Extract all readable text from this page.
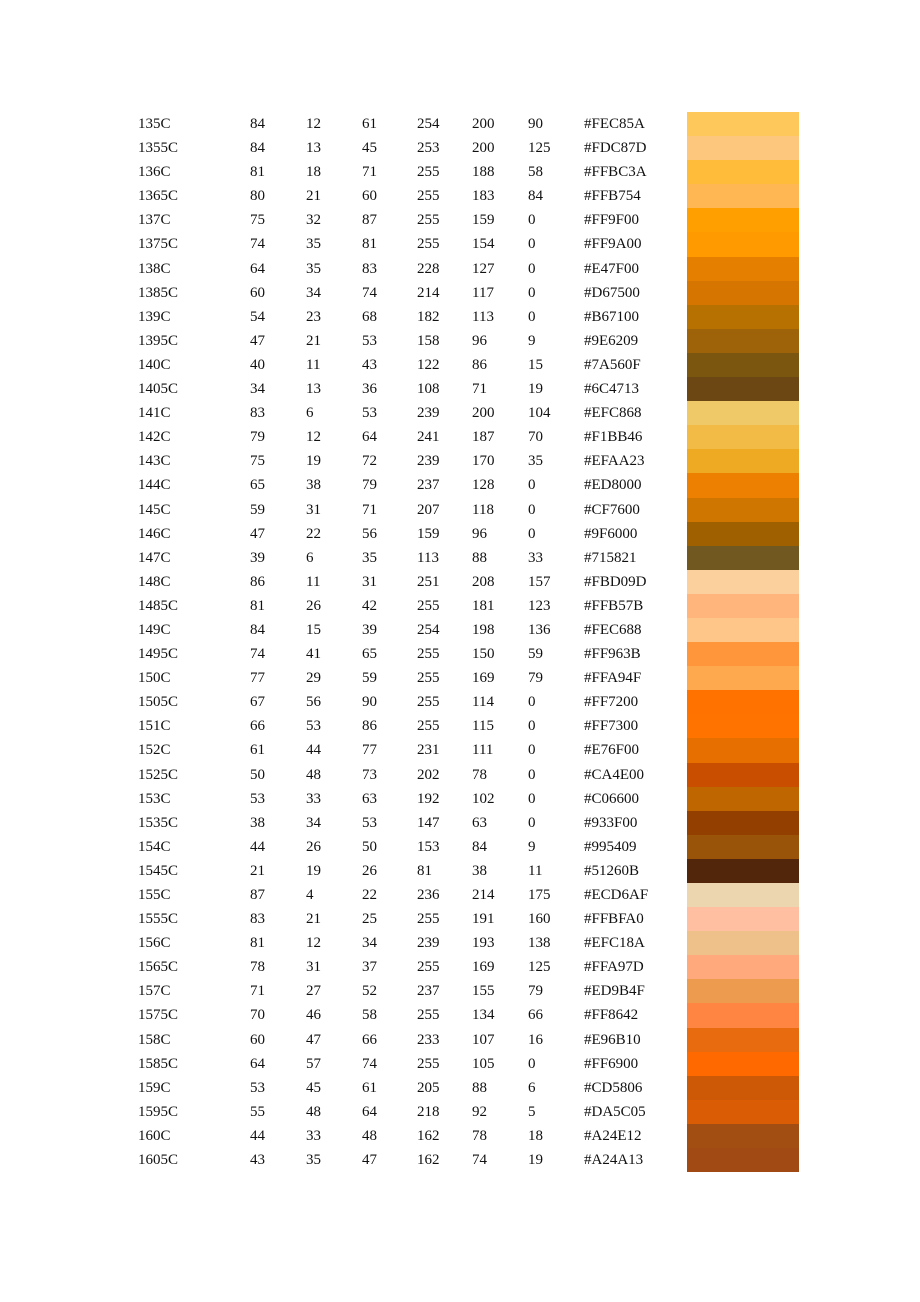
135C	84	12	61	254 200 90	#FEC85A
1355C	84	13	45	253 200 125 #FDC87D
136C	81	18	71	255 188 58	#FFBC3A
1365C	80	21	60	255 183 84	#FFB754
137C	75	32	87	255 159 0	#FF9F00
1375C	74	35	81	255 154 0	#FF9A00
138C	64	35	83	228 127 0	#E47F00
1385C	60	34	74	214 117 0	#D67500
139C	54	23	68	182 113 0	#B67100
1395C	47	21	53	158 96	9	#9E6209
140C	40	11	43	122 86	15	#7A560F
1405C	34	13	36	108 71	19	#6C4713
141C	83	6	53	239 200 104 #EFC868
142C	79	12	64	241 187 70	#F1BB46
143C	75	19	72	239 170 35	#EFAA23
144C	65	38	79	237 128 0	#ED8000
145C	59	31	71	207 118 0	#CF7600
146C	47	22	56	159 96	0	#9F6000
147C	39	6	35	113 88	33	#715821
148C	86	11	31	251 208 157 #FBD09D
1485C	81	26	42	255 181 123 #FFB57B
149C	84	15	39	254 198 136 #FEC688
1495C	74	41	65	255 150 59	#FF963B
150C	77	29	59	255 169 79	#FFA94F
1505C	67	56	90	255 114 0	#FF7200
151C	66	53	86	255 115 0	#FF7300
152C	61	44	77	231 111 0	#E76F00
1525C	50	48	73	202 78	0	#CA4E00
153C	53	33	63	192 102 0	#C06600
1535C	38	34	53	147 63	0	#933F00
154C	44	26	50	153 84	9	#995409
1545C	21	19	26	81	38	11	#51260B
155C	87	4	22	236 214 175 #ECD6AF
1555C	83	21	25	255 191 160 #FFBFA0
156C	81	12	34	239 193 138 #EFC18A
1565C	78	31	37	255 169 125 #FFA97D
157C	71	27	52	237 155 79	#ED9B4F
1575C	70	46	58	255 134 66	#FF8642
158C	60	47	66	233 107 16	#E96B10
1585C	64	57	74	255 105 0	#FF6900
159C	53	45	61	205 88	6	#CD5806
1595C	55	48	64	218 92	5	#DA5C05
160C	44	33	48	162 78	18	#A24E12
1605C	43	35	47	162 74	19	#A24A13
